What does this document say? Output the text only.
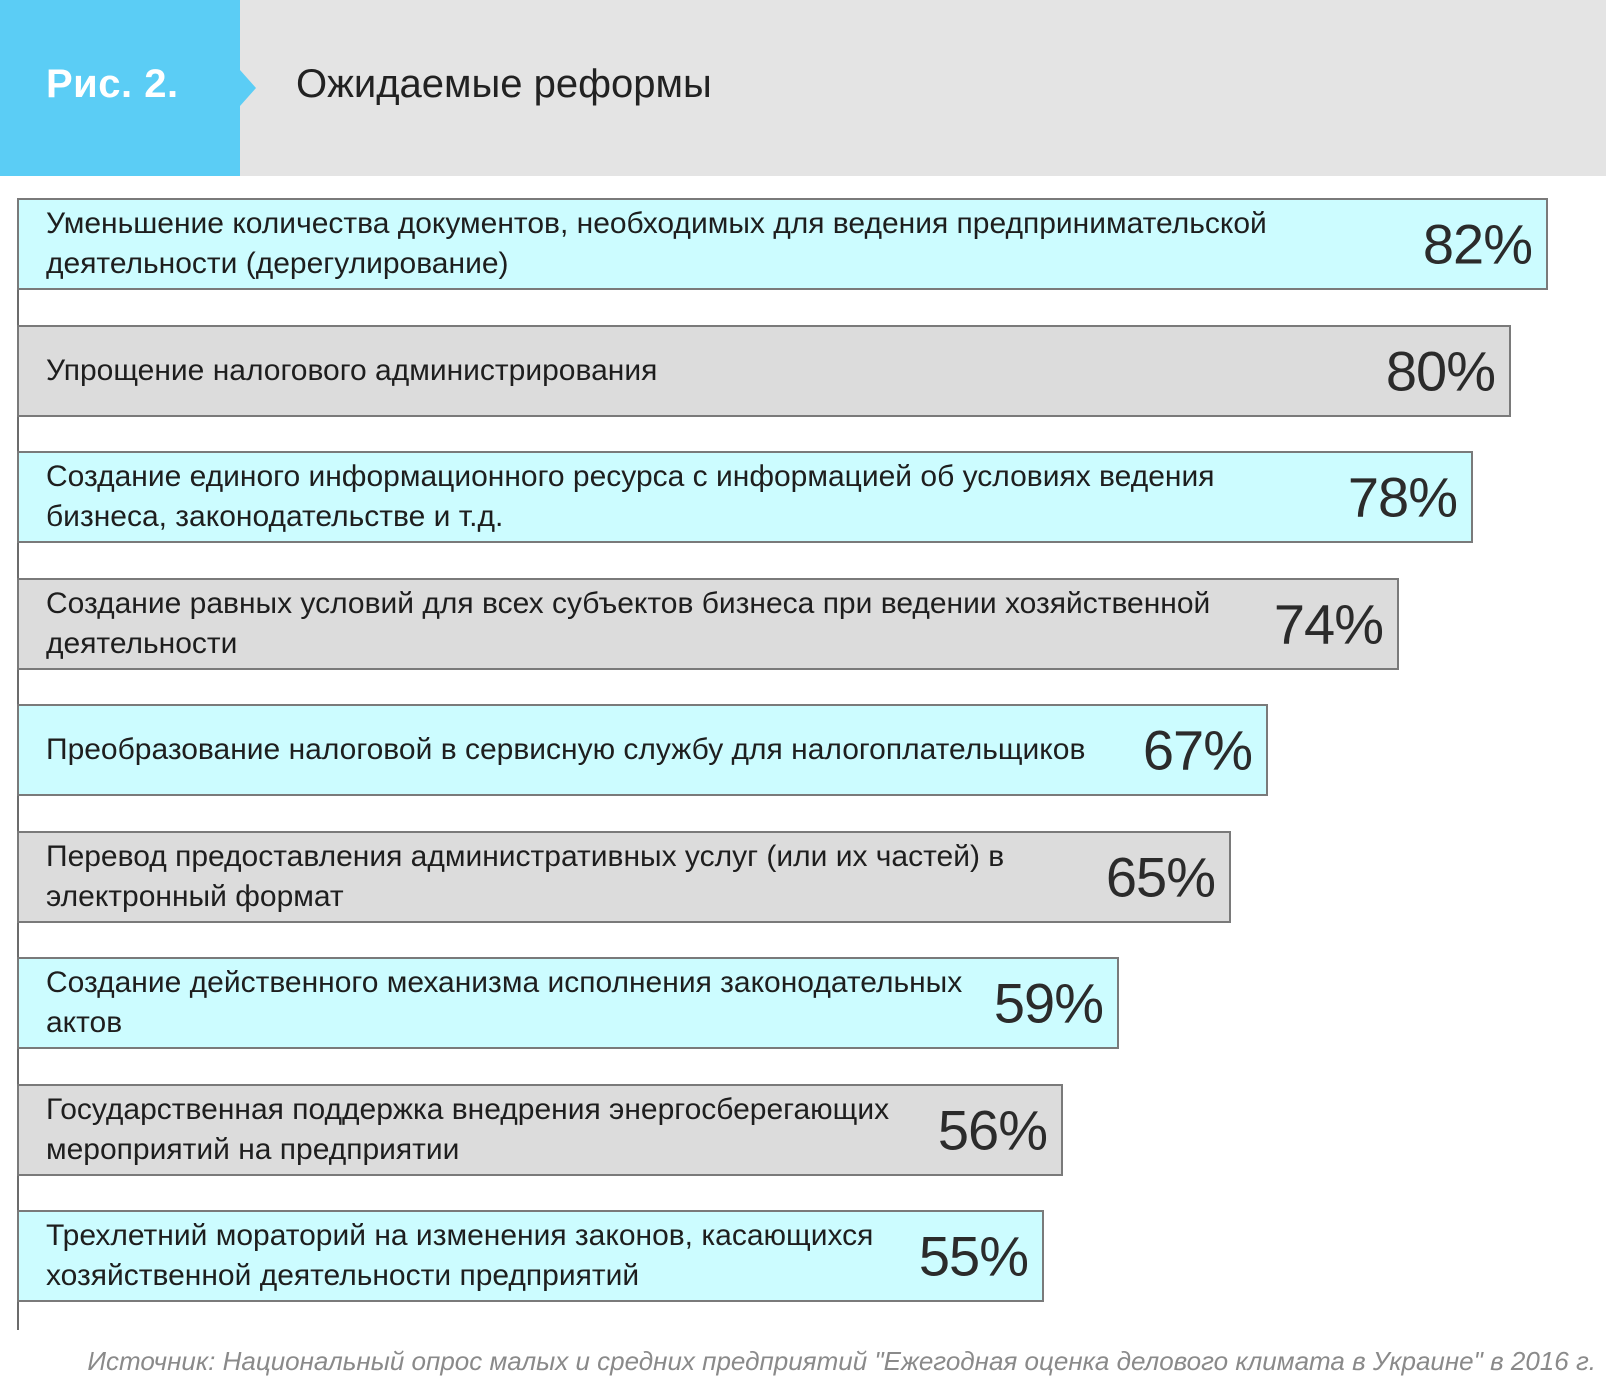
Рис. 2.	Ожидаемые реформы
Уменьшение количества документов, необходимых для ведения предпринимательской
деятельности (дерегулирование)	82%
Упрощение налогового администрирования	80%
Создание единого информационного ресурса с информацией об условиях ведения
бизнеса, законодательстве и т.д.	78%
Создание равных условий для всех субъектов бизнеса при ведении хозяйственной
деятельности	74%
Преобразование налоговой в сервисную службу для налогоплательщиков 67%
Перевод предоставления административных услуг (или их частей) в
электронный формат	65%
Создание действенного механизма исполнения законодательных
актов	59%
Государственная поддержка внедрения энергосберегающих
мероприятий на предприятии	56%
Трехлетний мораторий на изменения законов, касающихся
хозяйственной деятельности предприятий	55%
Источник: Национальный опрос малых и средних предприятий "Ежегодная оценка делового климата в Украине" в 2016 г.
